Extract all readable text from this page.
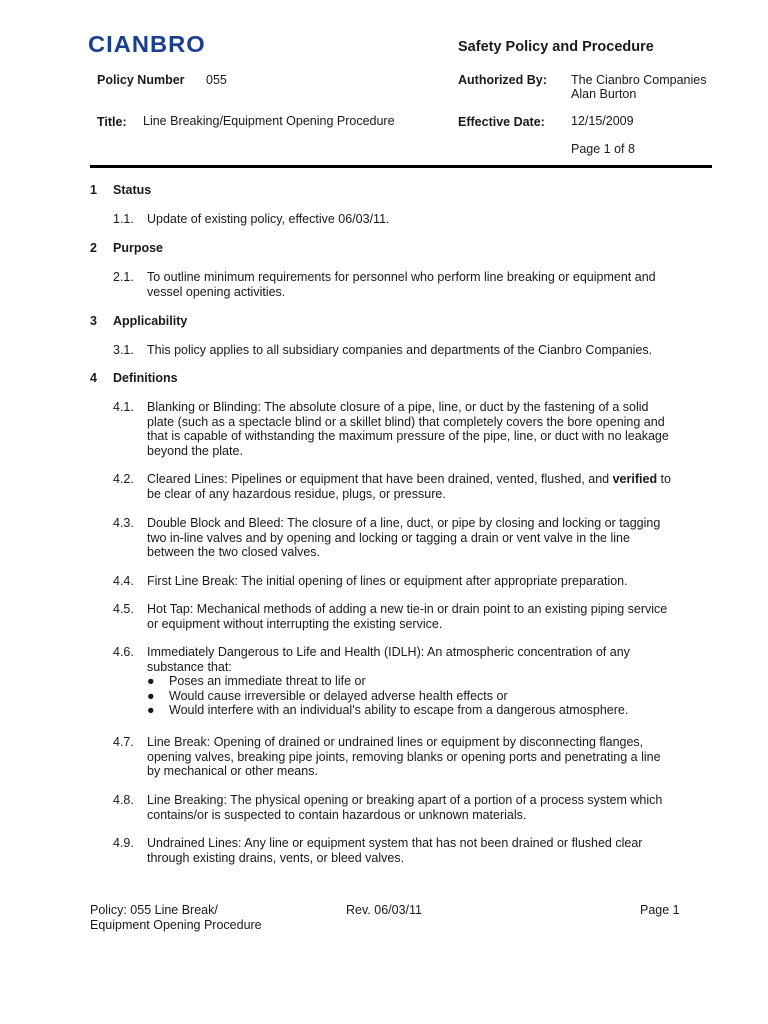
CIANBRO	Safety Policy and Procedure
Policy Number 055	Authorized By: The Cianbro Companies
Alan Burton
Title: Line Breaking/Equipment Opening Procedure	Effective Date: 12/15/2009
Page 1 of 8
1 Status
1.1. Update of existing policy, effective 06/03/11.
2 Purpose
2.1. To outline minimum requirements for personnel who perform line breaking or equipment and vessel opening activities.
3 Applicability
3.1. This policy applies to all subsidiary companies and departments of the Cianbro Companies.
4 Definitions
4.1. Blanking or Blinding: The absolute closure of a pipe, line, or duct by the fastening of a solid plate (such as a spectacle blind or a skillet blind) that completely covers the bore opening and that is capable of withstanding the maximum pressure of the pipe, line, or duct with no leakage beyond the plate.
4.2. Cleared Lines: Pipelines or equipment that have been drained, vented, flushed, and verified to be clear of any hazardous residue, plugs, or pressure.
4.3. Double Block and Bleed: The closure of a line, duct, or pipe by closing and locking or tagging two in-line valves and by opening and locking or tagging a drain or vent valve in the line between the two closed valves.
4.4. First Line Break: The initial opening of lines or equipment after appropriate preparation.
4.5. Hot Tap: Mechanical methods of adding a new tie-in or drain point to an existing piping service or equipment without interrupting the existing service.
4.6. Immediately Dangerous to Life and Health (IDLH): An atmospheric concentration of any substance that:
● Poses an immediate threat to life or
● Would cause irreversible or delayed adverse health effects or
● Would interfere with an individual's ability to escape from a dangerous atmosphere.
4.7. Line Break: Opening of drained or undrained lines or equipment by disconnecting flanges, opening valves, breaking pipe joints, removing blanks or opening ports and penetrating a line by mechanical or other means.
4.8. Line Breaking: The physical opening or breaking apart of a portion of a process system which contains/or is suspected to contain hazardous or unknown materials.
4.9. Undrained Lines: Any line or equipment system that has not been drained or flushed clear through existing drains, vents, or bleed valves.
Policy: 055 Line Break/
Equipment Opening Procedure
Rev. 06/03/11	Page 1
